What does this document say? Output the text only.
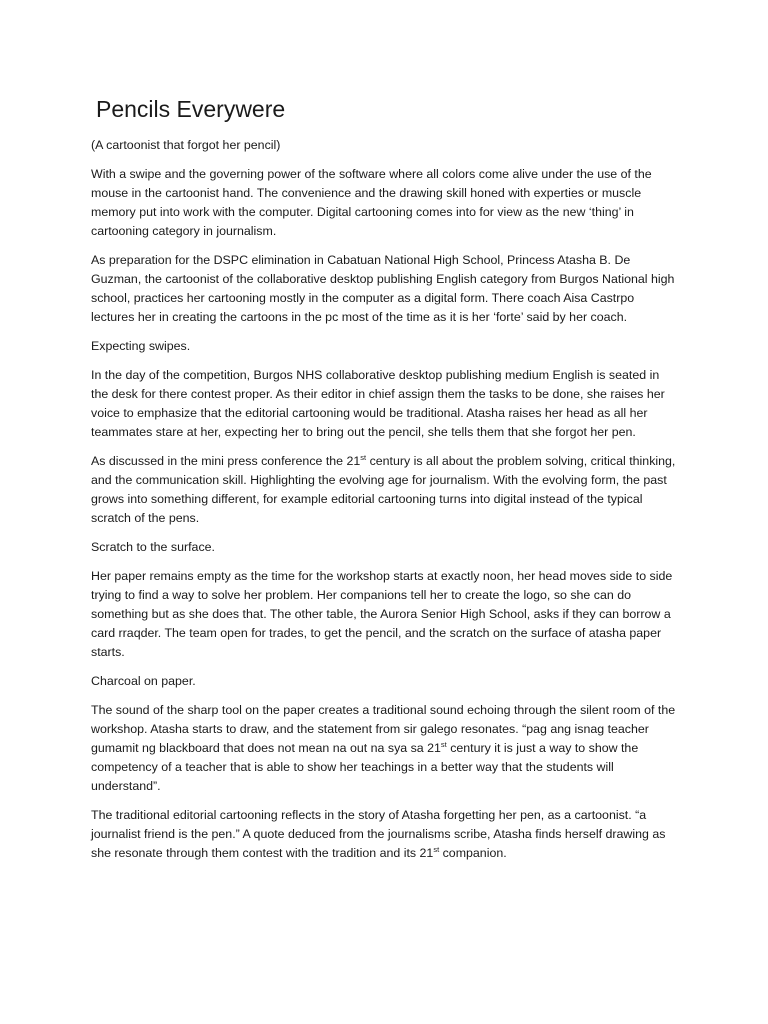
Pencils Everywere

(A cartoonist that forgot her pencil)

With a swipe and the governing power of the software where all colors come alive under the use of the mouse in the cartoonist hand. The convenience and the drawing skill honed with experties or muscle memory put into work with the computer. Digital cartooning comes into for view as the new ‘thing’ in cartooning category in journalism.

As preparation for the DSPC elimination in Cabatuan National High School, Princess Atasha B. De Guzman, the cartoonist of the collaborative desktop publishing English category from Burgos National high school, practices her cartooning mostly in the computer as a digital form. There coach Aisa Castrpo lectures her in creating the cartoons in the pc most of the time as it is her ‘forte’ said by her coach.

Expecting swipes.

In the day of the competition, Burgos NHS collaborative desktop publishing medium English is seated in the desk for there contest proper. As their editor in chief assign them the tasks to be done, she raises her voice to emphasize that the editorial cartooning would be traditional. Atasha raises her head as all her teammates stare at her, expecting her to bring out the pencil, she tells them that she forgot her pen.

As discussed in the mini press conference the 21st century is all about the problem solving, critical thinking, and the communication skill. Highlighting the evolving age for journalism. With the evolving form, the past grows into something different, for example editorial cartooning turns into digital instead of the typical scratch of the pens.

Scratch to the surface.

Her paper remains empty as the time for the workshop starts at exactly noon, her head moves side to side trying to find a way to solve her problem. Her companions tell her to create the logo, so she can do something but as she does that. The other table, the Aurora Senior High School, asks if they can borrow a card rraqder. The team open for trades, to get the pencil, and the scratch on the surface of atasha paper starts.

Charcoal on paper.

The sound of the sharp tool on the paper creates a traditional sound echoing through the silent room of the workshop. Atasha starts to draw, and the statement from sir galego resonates. “pag ang isnag teacher gumamit ng blackboard that does not mean na out na sya sa 21st century it is just a way to show the competency of a teacher that is able to show her teachings in a better way that the students will understand”.

The traditional editorial cartooning reflects in the story of Atasha forgetting her pen, as a cartoonist. “a journalist friend is the pen.” A quote deduced from the journalisms scribe, Atasha finds herself drawing as she resonate through them contest with the tradition and its 21st companion.
